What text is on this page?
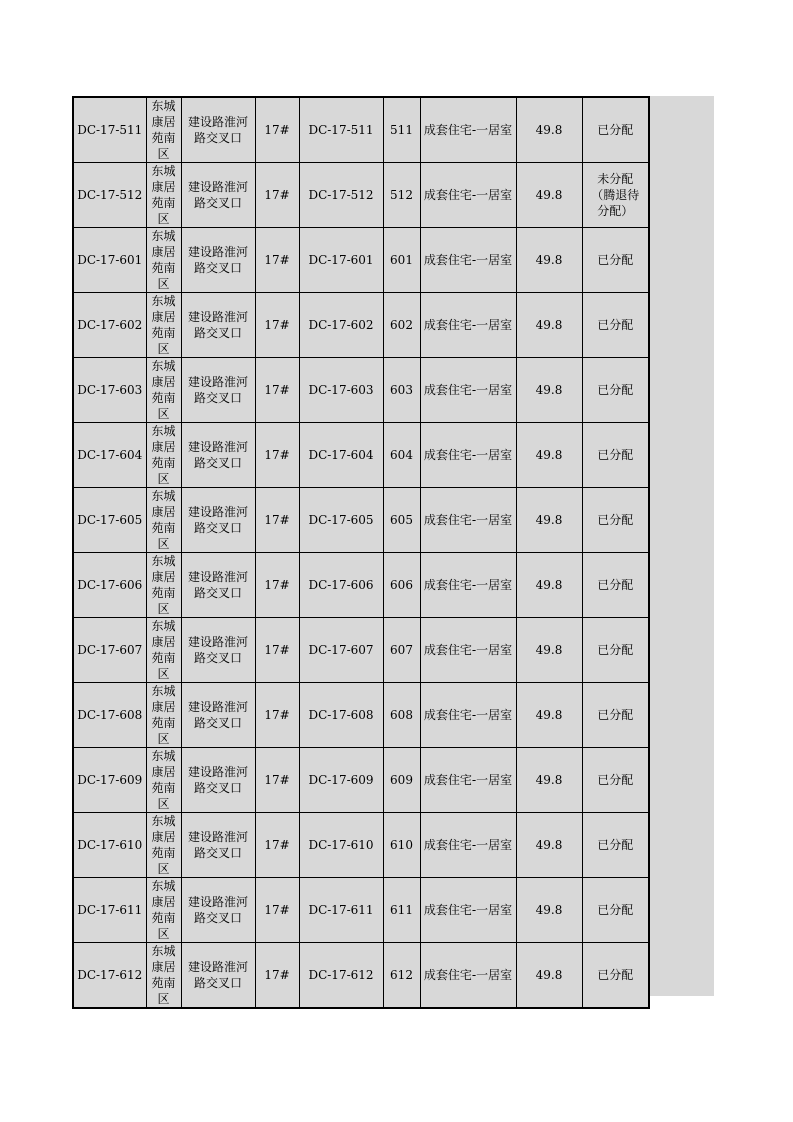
DC-17-511	东城康居苑南区	建设路淮河路交叉口	17#	DC-17-511	511	成套住宅-一居室	49.8	已分配

DC-17-512	东城康居苑南区	建设路淮河路交叉口	17#	DC-17-512	512	成套住宅-一居室	49.8	未分配（腾退待分配）

DC-17-601	东城康居苑南区	建设路淮河路交叉口	17#	DC-17-601	601	成套住宅-一居室	49.8	已分配

DC-17-602	东城康居苑南区	建设路淮河路交叉口	17#	DC-17-602	602	成套住宅-一居室	49.8	已分配

DC-17-603	东城康居苑南区	建设路淮河路交叉口	17#	DC-17-603	603	成套住宅-一居室	49.8	已分配

DC-17-604	东城康居苑南区	建设路淮河路交叉口	17#	DC-17-604	604	成套住宅-一居室	49.8	已分配

DC-17-605	东城康居苑南区	建设路淮河路交叉口	17#	DC-17-605	605	成套住宅-一居室	49.8	已分配

DC-17-606	东城康居苑南区	建设路淮河路交叉口	17#	DC-17-606	606	成套住宅-一居室	49.8	已分配

DC-17-607	东城康居苑南区	建设路淮河路交叉口	17#	DC-17-607	607	成套住宅-一居室	49.8	已分配

DC-17-608	东城康居苑南区	建设路淮河路交叉口	17#	DC-17-608	608	成套住宅-一居室	49.8	已分配

DC-17-609	东城康居苑南区	建设路淮河路交叉口	17#	DC-17-609	609	成套住宅-一居室	49.8	已分配

DC-17-610	东城康居苑南区	建设路淮河路交叉口	17#	DC-17-610	610	成套住宅-一居室	49.8	已分配

DC-17-611	东城康居苑南区	建设路淮河路交叉口	17#	DC-17-611	611	成套住宅-一居室	49.8	已分配

DC-17-612	东城康居苑南区	建设路淮河路交叉口	17#	DC-17-612	612	成套住宅-一居室	49.8	已分配
